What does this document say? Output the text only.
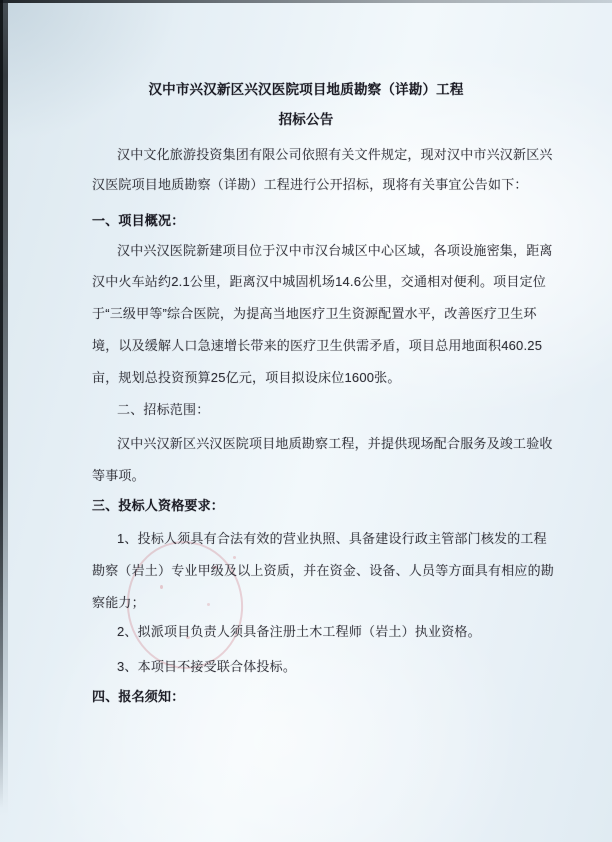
汉中市兴汉新区兴汉医院项目地质勘察（详勘）工程
招标公告
汉中文化旅游投资集团有限公司依照有关文件规定，现对汉中市兴汉新区兴
汉医院项目地质勘察（详勘）工程进行公开招标，现将有关事宜公告如下：
一、项目概况：
汉中兴汉医院新建项目位于汉中市汉台城区中心区域，各项设施密集，距离
汉中火车站约2.1公里，距离汉中城固机场14.6公里，交通相对便利。项目定位
于“三级甲等”综合医院，为提高当地医疗卫生资源配置水平，改善医疗卫生环
境，以及缓解人口急速增长带来的医疗卫生供需矛盾，项目总用地面积460.25
亩，规划总投资预算25亿元，项目拟设床位1600张。
二、招标范围：
汉中兴汉新区兴汉医院项目地质勘察工程，并提供现场配合服务及竣工验收
等事项。
三、投标人资格要求：
1、投标人须具有合法有效的营业执照、具备建设行政主管部门核发的工程
勘察（岩土）专业甲级及以上资质，并在资金、设备、人员等方面具有相应的勘
察能力；
2、拟派项目负责人须具备注册土木工程师（岩土）执业资格。
3、本项目不接受联合体投标。
四、报名须知：
